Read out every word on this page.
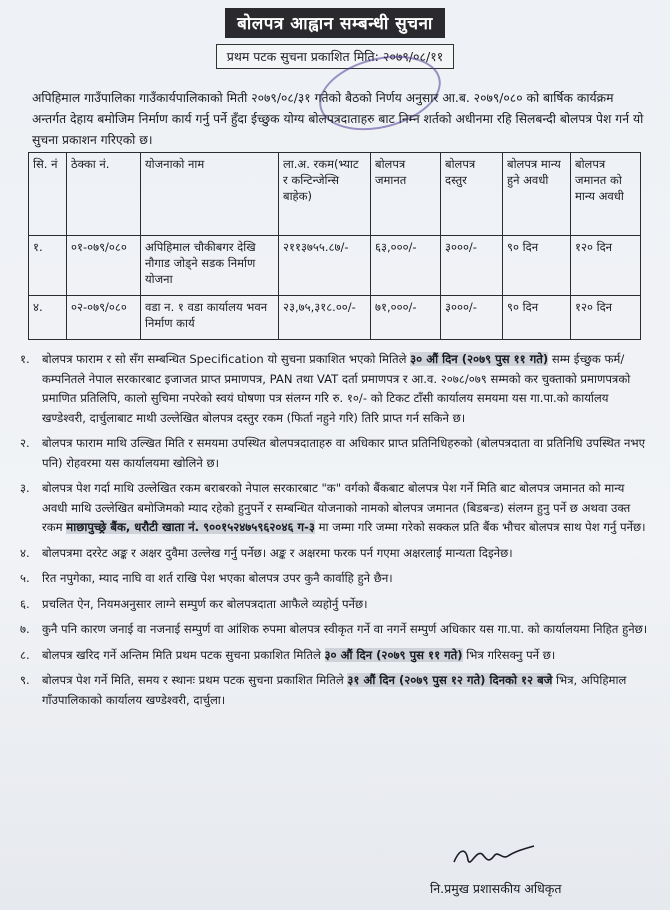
बोलपत्र आह्वान सम्बन्धी सुचना
प्रथम पटक सुचना प्रकाशित मिति: २०७९/०८/११
अपिहिमाल गाउँपालिका गाउँकार्यपालिकाको मिती २०७९/०८/३१ गतेको बैठको निर्णय अनुसार आ.ब. २०७९/०८० को बार्षिक कार्यक्रम अन्तर्गत देहाय बमोजिम निर्माण कार्य गर्नु पर्ने हुँदा ईच्छुक योग्य बोलपत्रदाताहरु बाट निम्न शर्तको अधीनमा रहि सिलबन्दी बोलपत्र पेश गर्न यो सुचना प्रकाशन गरिएको छ।
सि. नं	ठेक्का नं.	योजनाको नाम	ला.अ. रकम(भ्याट र कन्टिन्जेन्सि बाहेक)	बोलपत्र जमानत	बोलपत्र दस्तुर	बोलपत्र मान्य हुने अवधी	बोलपत्र जमानत को मान्य अवधी
१.	०१-०७९/०८०	अपिहिमाल चौकीबगर देखि नौगाड जोड्ने सडक निर्माण योजना	२११३७५५.८७/-	६३,०००/-	३०००/-	९० दिन	१२० दिन
४.	०२-०७९/०८०	वडा न. १ वडा कार्यालय भवन निर्माण कार्य	२३,७५,३१८.००/-	७१,०००/-	३०००/-	९० दिन	१२० दिन
१.	बोलपत्र फाराम र सो सँग सम्बन्धित Specification यो सुचना प्रकाशित भएको मितिले ३० औं दिन (२०७९ पुस ११ गते) सम्म ईच्छुक फर्म/कम्पनितले नेपाल सरकारबाट इजाजत प्राप्त प्रमाणपत्र, PAN तथा VAT दर्ता प्रमाणपत्र र आ.व. २०७८/०७९ सम्मको कर चुक्ताको प्रमाणपत्रको प्रमाणित प्रतिलिपि, कालो सुचिमा नपरेको स्वयं घोषणा पत्र संलग्न गरि रु. १०/- को टिकट टाँसी कार्यालय समयमा यस गा.पा.को कार्यालय खण्डेश्वरी, दार्चुलाबाट माथी उल्लेखित बोलपत्र दस्तुर रकम (फिर्ता नहुने गरि) तिरि प्राप्त गर्न सकिने छ।
२.	बोलपत्र फाराम माथि उल्खित मिति र समयमा उपस्थित बोलपत्रदाताहरु वा अधिकार प्राप्त प्रतिनिधिहरुको (बोलपत्रदाता वा प्रतिनिधि उपस्थित नभए पनि) रोहवरमा यस कार्यालयमा खोलिने छ।
३.	बोलपत्र पेश गर्दा माथि उल्लेखित रकम बराबरको नेपाल सरकारबाट "क" वर्गको बैंकबाट बोलपत्र पेश गर्ने मिति बाट बोलपत्र जमानत को मान्य अवधी माथि उल्लेखित बमोजिमको म्याद रहेको हुनुपर्ने र सम्बन्धित योजनाको नामको बोलपत्र जमानत (बिडबन्ड) संलग्न हुनु पर्ने छ अथवा उक्त रकम माछापुच्छ्रे बैंक, धरौटी खाता नं. ९००१५२४७५९६२०४६ ग-३ मा जम्मा गरि जम्मा गरेको सक्कल प्रति बैंक भौचर बोलपत्र साथ पेश गर्नु पर्नेछ।
४.	बोलपत्रमा दररेट अङ्क र अक्षर दुवैमा उल्लेख गर्नु पर्नेछ। अङ्क र अक्षरमा फरक पर्न गएमा अक्षरलाई मान्यता दिइनेछ।
५.	रित नपुगेका, म्याद नाघि वा शर्त राखि पेश भएका बोलपत्र उपर कुनै कार्वाहि हुने छैन।
६.	प्रचलित ऐन, नियमअनुसार लाग्ने सम्पुर्ण कर बोलपत्रदाता आफैले व्यहोर्नु पर्नेछ।
७.	कुनै पनि कारण जनाई वा नजनाई सम्पुर्ण वा आंशिक रुपमा बोलपत्र स्वीकृत गर्ने वा नगर्ने सम्पुर्ण अधिकार यस गा.पा. को कार्यालयमा निहित हुनेछ।
८.	बोलपत्र खरिद गर्ने अन्तिम मिति प्रथम पटक सुचना प्रकाशित मितिले ३० औं दिन (२०७९ पुस ११ गते) भित्र गरिसक्नु पर्ने छ।
९.	बोलपत्र पेश गर्ने मिति, समय र स्थानः प्रथम पटक सुचना प्रकाशित मितिले ३१ औं दिन (२०७९ पुस १२ गते) दिनको १२ बजे भित्र, अपिहिमाल गाँउपालिकाको कार्यालय खण्डेश्वरी, दार्चुला।
नि.प्रमुख प्रशासकीय अधिकृत
